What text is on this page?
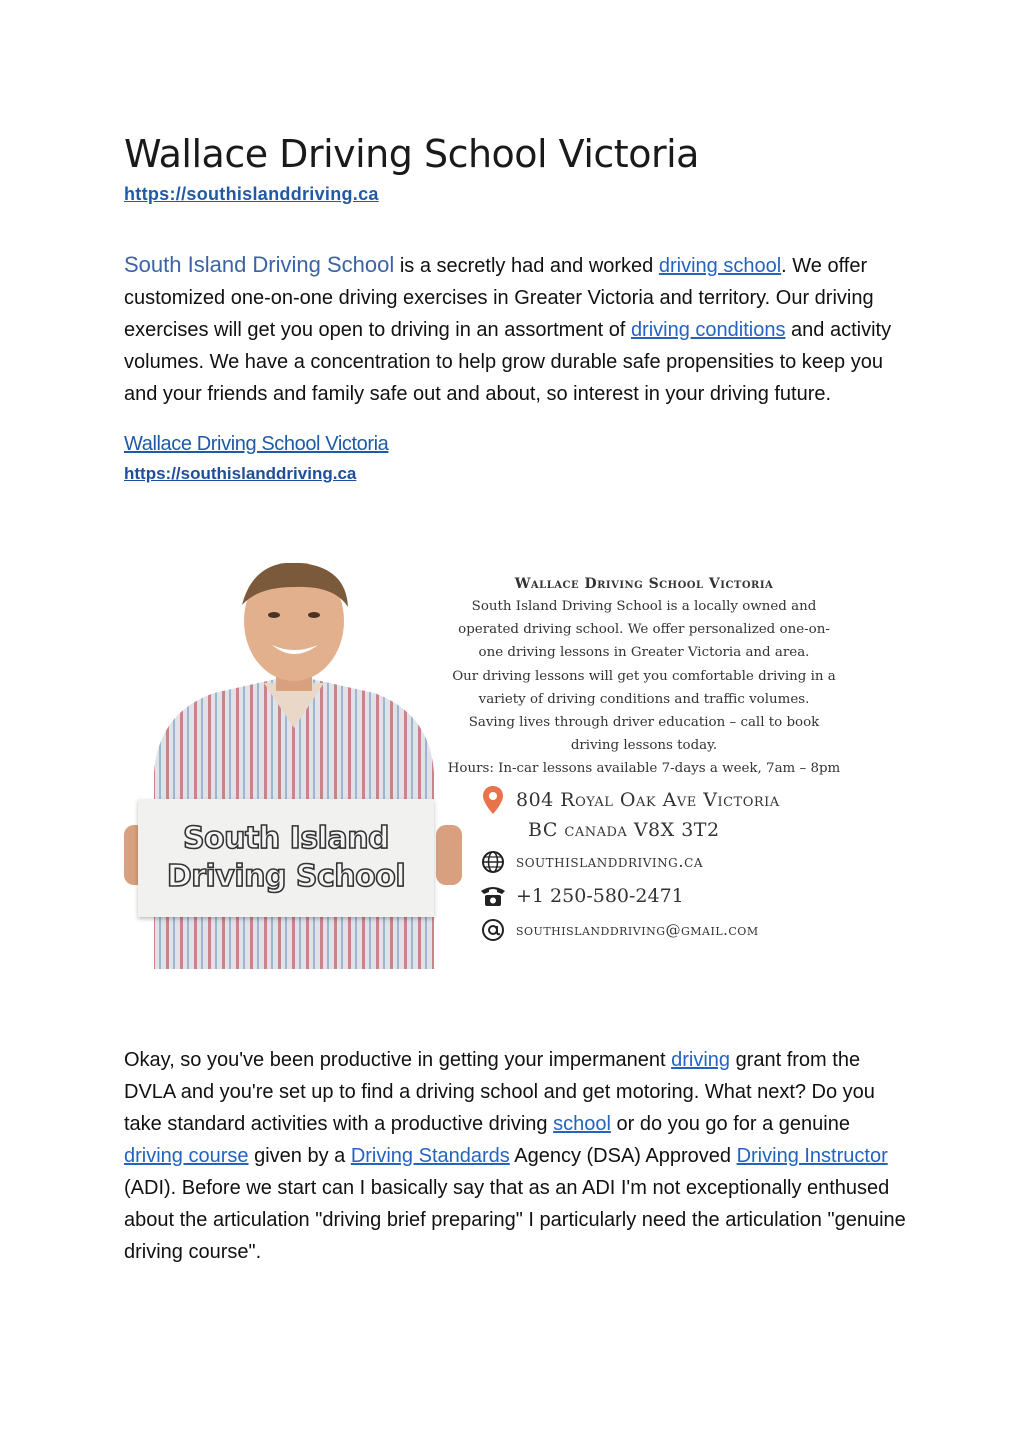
Wallace Driving School Victoria
https://southislanddriving.ca

South Island Driving School is a secretly had and worked driving school. We offer customized one-on-one driving exercises in Greater Victoria and territory. Our driving exercises will get you open to driving in an assortment of driving conditions and activity volumes. We have a concentration to help grow durable safe propensities to keep you and your friends and family safe out and about, so interest in your driving future.

Wallace Driving School Victoria
https://southislanddriving.ca
South Island
Driving School
Wallace Driving School Victoria
South Island Driving School is a locally owned and
operated driving school. We offer personalized one-on-
one driving lessons in Greater Victoria and area.
Our driving lessons will get you comfortable driving in a
variety of driving conditions and traffic volumes.
Saving lives through driver education – call to book
driving lessons today.
Hours: In-car lessons available 7-days a week, 7am – 8pm
804 Royal Oak Ave Victoria
BC canada V8X 3T2
southislanddriving.ca
+1 250-580-2471
southislanddriving@gmail.com

Okay, so you've been productive in getting your impermanent driving grant from the DVLA and you're set up to find a driving school and get motoring. What next? Do you take standard activities with a productive driving school or do you go for a genuine driving course given by a Driving Standards Agency (DSA) Approved Driving Instructor (ADI). Before we start can I basically say that as an ADI I'm not exceptionally enthused about the articulation "driving brief preparing" I particularly need the articulation "genuine driving course".
